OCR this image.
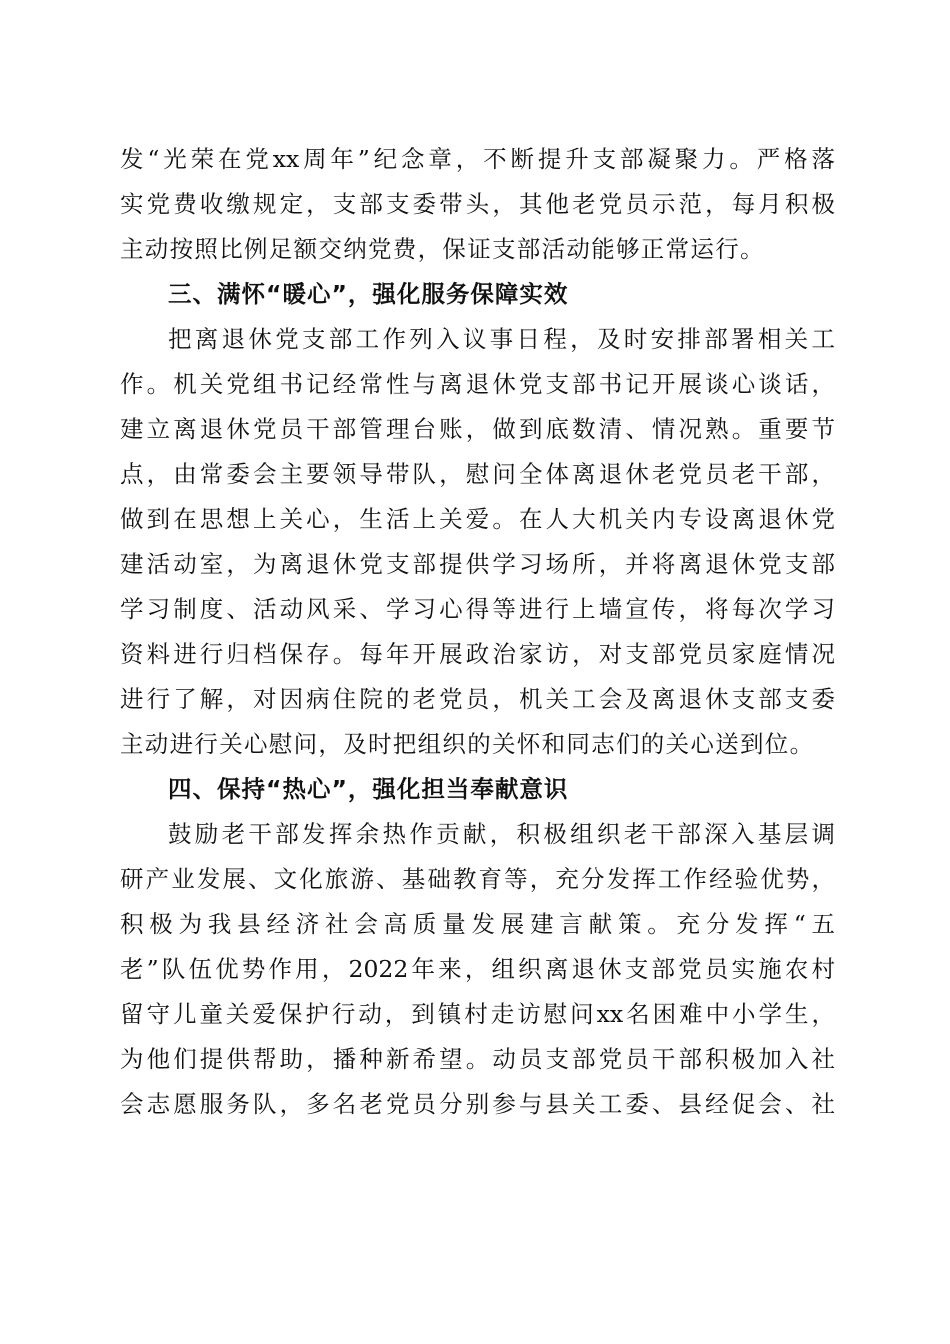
发“光荣在党xx周年”纪念章，不断提升支部凝聚力。严格落
实党费收缴规定，支部支委带头，其他老党员示范，每月积极
主动按照比例足额交纳党费，保证支部活动能够正常运行。
三、满怀“暖心”，强化服务保障实效
把离退休党支部工作列入议事日程，及时安排部署相关工
作。机关党组书记经常性与离退休党支部书记开展谈心谈话，
建立离退休党员干部管理台账，做到底数清、情况熟。重要节
点，由常委会主要领导带队，慰问全体离退休老党员老干部，
做到在思想上关心，生活上关爱。在人大机关内专设离退休党
建活动室，为离退休党支部提供学习场所，并将离退休党支部
学习制度、活动风采、学习心得等进行上墙宣传，将每次学习
资料进行归档保存。每年开展政治家访，对支部党员家庭情况
进行了解，对因病住院的老党员，机关工会及离退休支部支委
主动进行关心慰问，及时把组织的关怀和同志们的关心送到位。
四、保持“热心”，强化担当奉献意识
鼓励老干部发挥余热作贡献，积极组织老干部深入基层调
研产业发展、文化旅游、基础教育等，充分发挥工作经验优势，
积极为我县经济社会高质量发展建言献策。充分发挥“五
老”队伍优势作用，2022年来，组织离退休支部党员实施农村
留守儿童关爱保护行动，到镇村走访慰问xx名困难中小学生，
为他们提供帮助，播种新希望。动员支部党员干部积极加入社
会志愿服务队，多名老党员分别参与县关工委、县经促会、社
